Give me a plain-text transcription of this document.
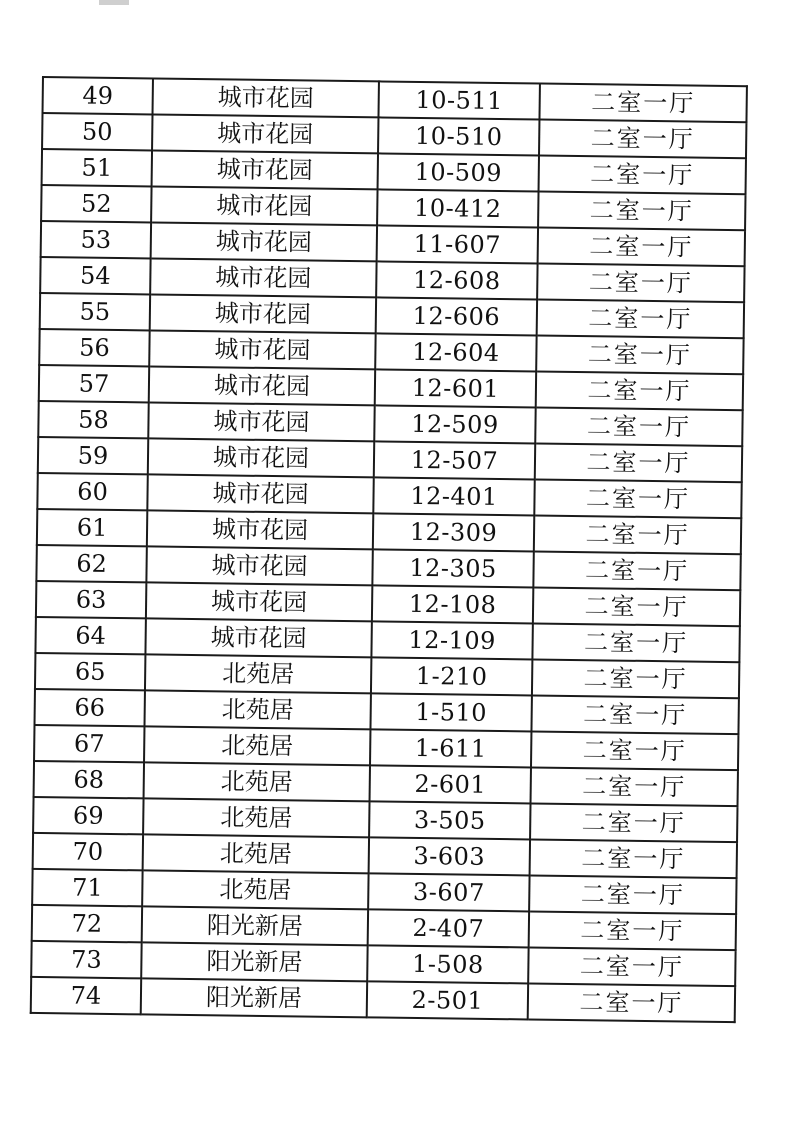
49	城市花园	10-511	二室一厅
50	城市花园	10-510	二室一厅
51	城市花园	10-509	二室一厅
52	城市花园	10-412	二室一厅
53	城市花园	11-607	二室一厅
54	城市花园	12-608	二室一厅
55	城市花园	12-606	二室一厅
56	城市花园	12-604	二室一厅
57	城市花园	12-601	二室一厅
58	城市花园	12-509	二室一厅
59	城市花园	12-507	二室一厅
60	城市花园	12-401	二室一厅
61	城市花园	12-309	二室一厅
62	城市花园	12-305	二室一厅
63	城市花园	12-108	二室一厅
64	城市花园	12-109	二室一厅
65	北苑居	1-210	二室一厅
66	北苑居	1-510	二室一厅
67	北苑居	1-611	二室一厅
68	北苑居	2-601	二室一厅
69	北苑居	3-505	二室一厅
70	北苑居	3-603	二室一厅
71	北苑居	3-607	二室一厅
72	阳光新居	2-407	二室一厅
73	阳光新居	1-508	二室一厅
74	阳光新居	2-501	二室一厅
